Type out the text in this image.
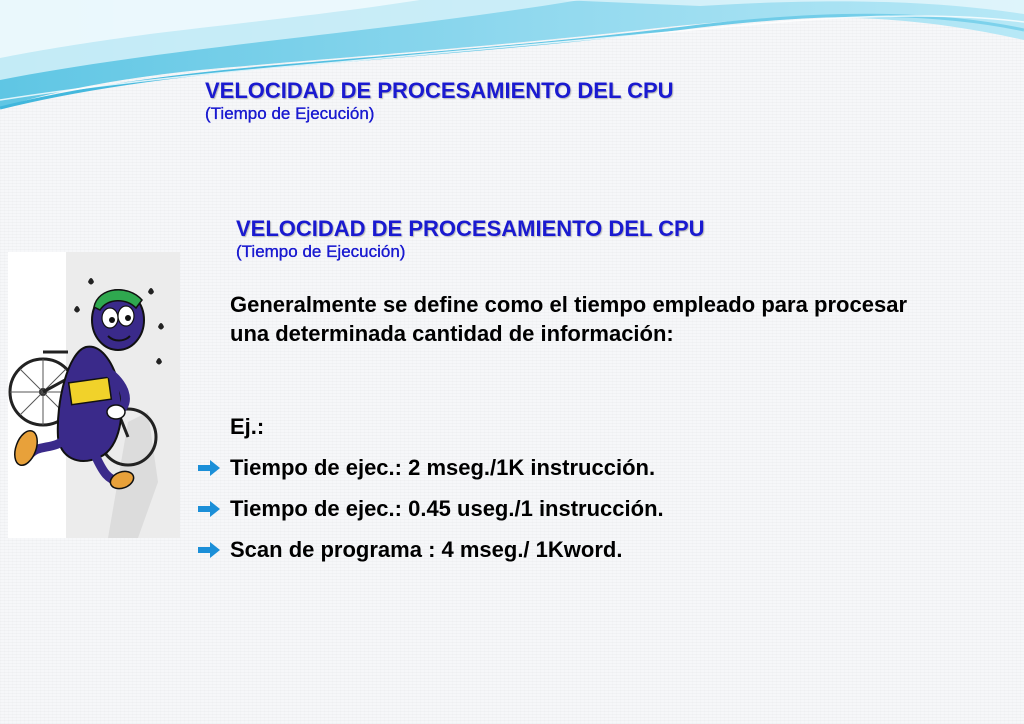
VELOCIDAD DE PROCESAMIENTO DEL CPU
(Tiempo de Ejecución)
VELOCIDAD DE PROCESAMIENTO DEL CPU
(Tiempo de Ejecución)

Generalmente se define como el tiempo empleado para procesar una determinada cantidad de información:

Ej.:

Tiempo de ejec.: 2 mseg./1K instrucción.
Tiempo de ejec.: 0.45 useg./1 instrucción.
Scan de programa : 4 mseg./ 1Kword.
